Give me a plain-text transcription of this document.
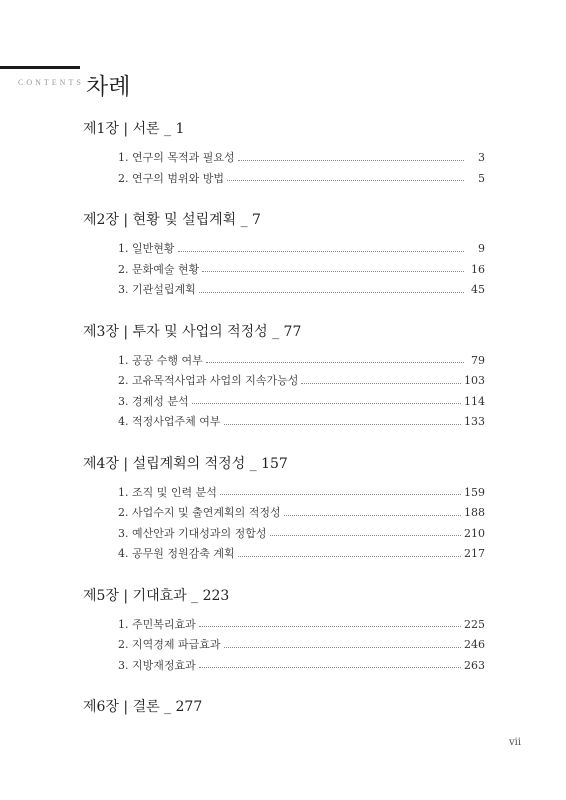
CONTENTS 차례
제1장 | 서론 _ 1
1. 연구의 목적과 필요성	3
2. 연구의 범위와 방법	5
제2장 | 현황 및 설립계획 _ 7
1. 일반현황	9
2. 문화예술 현황	16
3. 기관설립계획	45
제3장 | 투자 및 사업의 적정성 _ 77
1. 공공 수행 여부	79
2. 고유목적사업과 사업의 지속가능성	103
3. 경제성 분석	114
4. 적정사업주체 여부	133
제4장 | 설립계획의 적정성 _ 157
1. 조직 및 인력 분석	159
2. 사업수지 및 출연계획의 적정성	188
3. 예산안과 기대성과의 정합성	210
4. 공무원 정원감축 계획	217
제5장 | 기대효과 _ 223
1. 주민복리효과	225
2. 지역경제 파급효과	246
3. 지방재정효과	263
제6장 | 결론 _ 277
vii
